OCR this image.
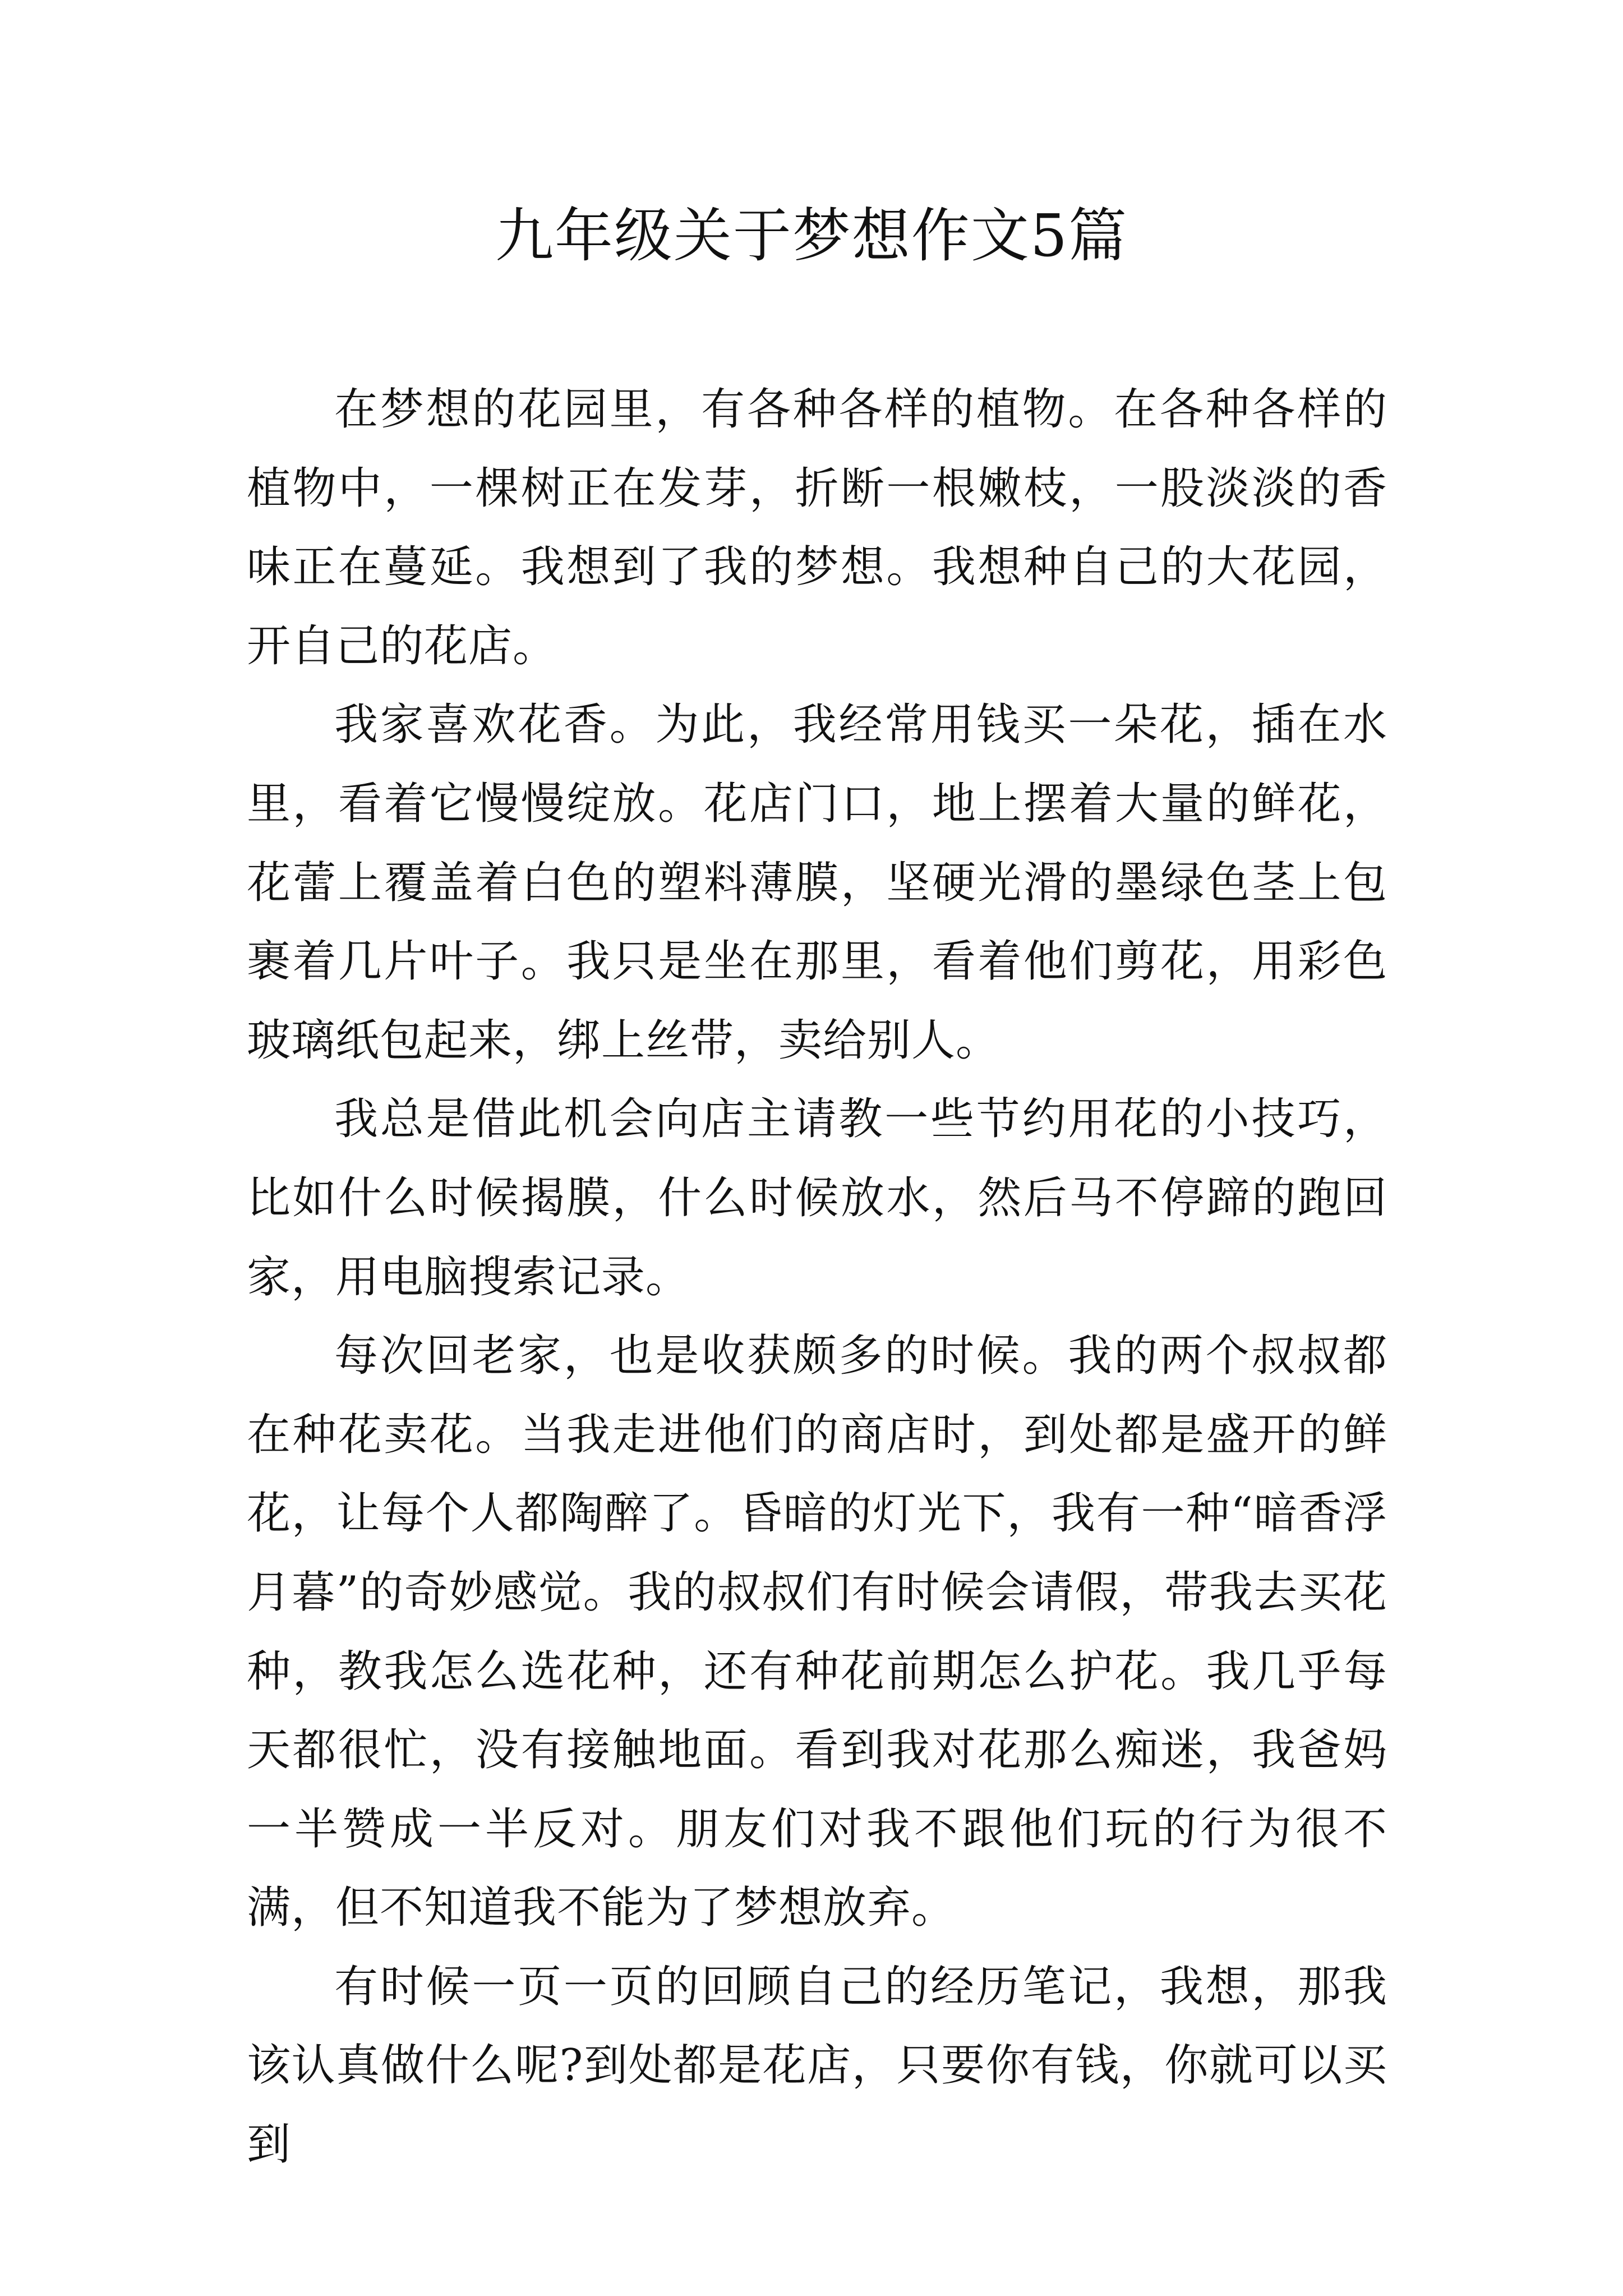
九年级关于梦想作文5篇

在梦想的花园里，有各种各样的植物。在各种各样的植物中，一棵树正在发芽，折断一根嫩枝，一股淡淡的香味正在蔓延。我想到了我的梦想。我想种自己的大花园，开自己的花店。

我家喜欢花香。为此，我经常用钱买一朵花，插在水里，看着它慢慢绽放。花店门口，地上摆着大量的鲜花，花蕾上覆盖着白色的塑料薄膜，坚硬光滑的墨绿色茎上包裹着几片叶子。我只是坐在那里，看着他们剪花，用彩色玻璃纸包起来，绑上丝带，卖给别人。

我总是借此机会向店主请教一些节约用花的小技巧，比如什么时候揭膜，什么时候放水，然后马不停蹄的跑回家，用电脑搜索记录。

每次回老家，也是收获颇多的时候。我的两个叔叔都在种花卖花。当我走进他们的商店时，到处都是盛开的鲜花，让每个人都陶醉了。昏暗的灯光下，我有一种“暗香浮月暮”的奇妙感觉。我的叔叔们有时候会请假，带我去买花种，教我怎么选花种，还有种花前期怎么护花。我几乎每天都很忙，没有接触地面。看到我对花那么痴迷，我爸妈一半赞成一半反对。朋友们对我不跟他们玩的行为很不满，但不知道我不能为了梦想放弃。

有时候一页一页的回顾自己的经历笔记，我想，那我该认真做什么呢?到处都是花店，只要你有钱，你就可以买到
